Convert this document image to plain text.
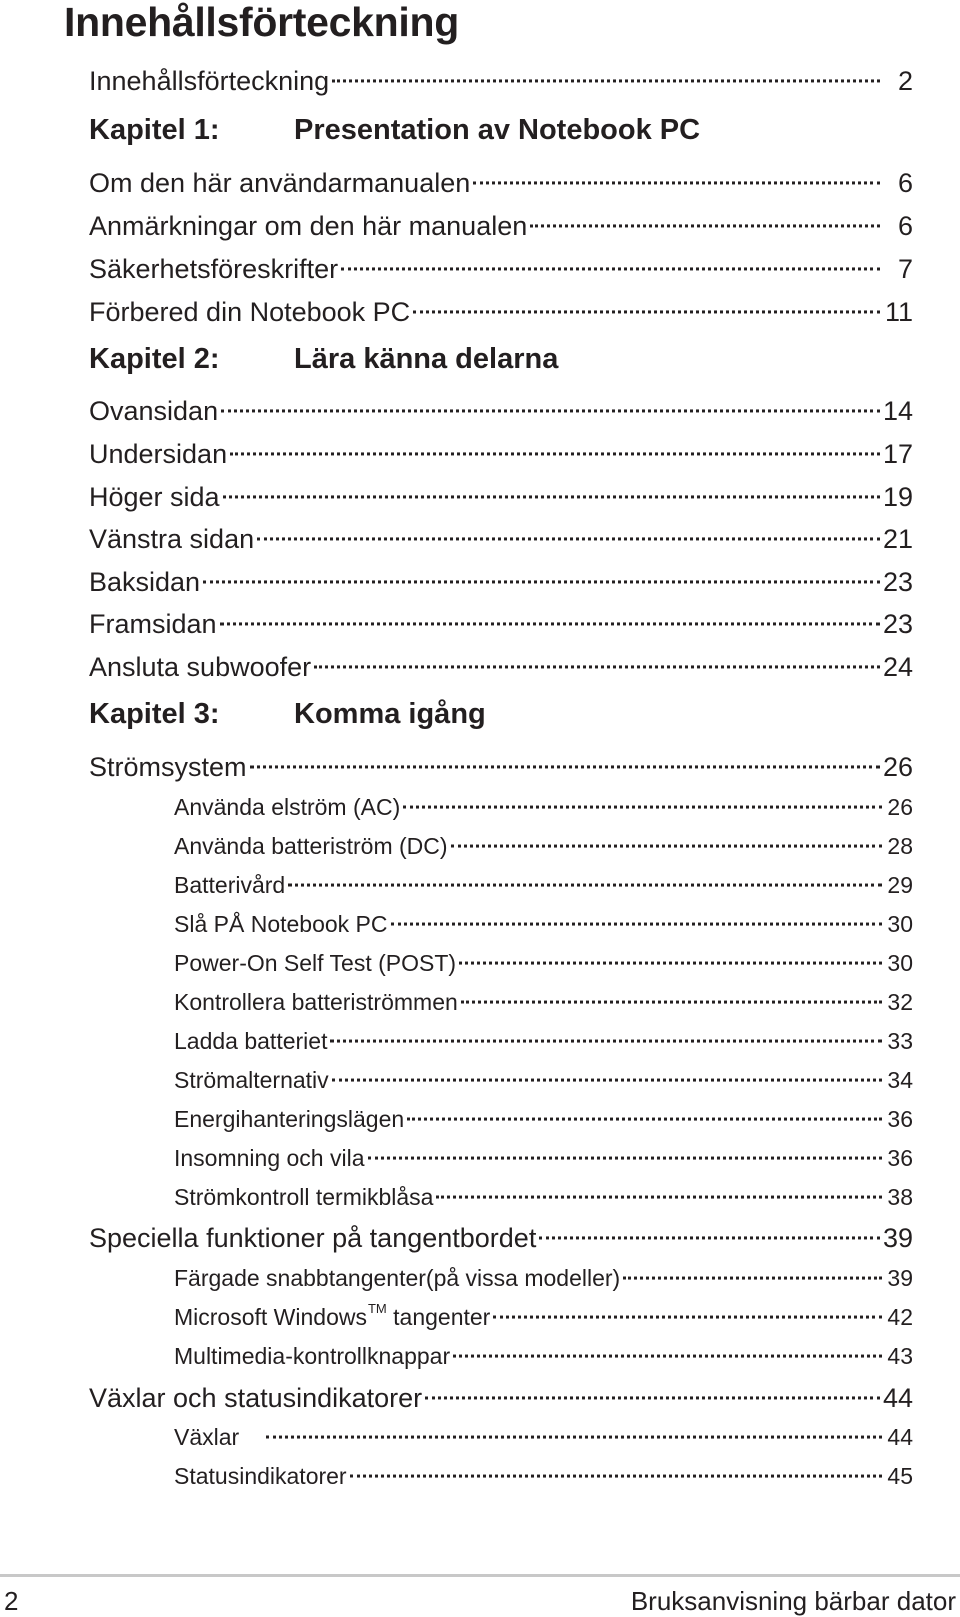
Innehållsförteckning
Innehållsförteckning	2
Kapitel 1:	Presentation av Notebook PC
Om den här användarmanualen	6
Anmärkningar om den här manualen	6
Säkerhetsföreskrifter	7
Förbered din Notebook PC	11
Kapitel 2:	Lära känna delarna
Ovansidan	14
Undersidan	17
Höger sida	19
Vänstra sidan	21
Baksidan	23
Framsidan	23
Ansluta subwoofer	24
Kapitel 3:	Komma igång
Strömsystem	26
Använda elström (AC)	26
Använda batteriström (DC)	28
Batterivård	29
Slå PÅ Notebook PC	30
Power-On Self Test (POST)	30
Kontrollera batteriströmmen	32
Ladda batteriet	33
Strömalternativ	34
Energihanteringslägen	36
Insomning och vila	36
Strömkontroll termikblåsa	38
Speciella funktioner på tangentbordet	39
Färgade snabbtangenter(på vissa modeller)	39
Microsoft Windows™ tangenter	42
Multimedia-kontrollknappar	43
Växlar och statusindikatorer	44
Växlar	44
Statusindikatorer	45
2	Bruksanvisning bärbar dator
